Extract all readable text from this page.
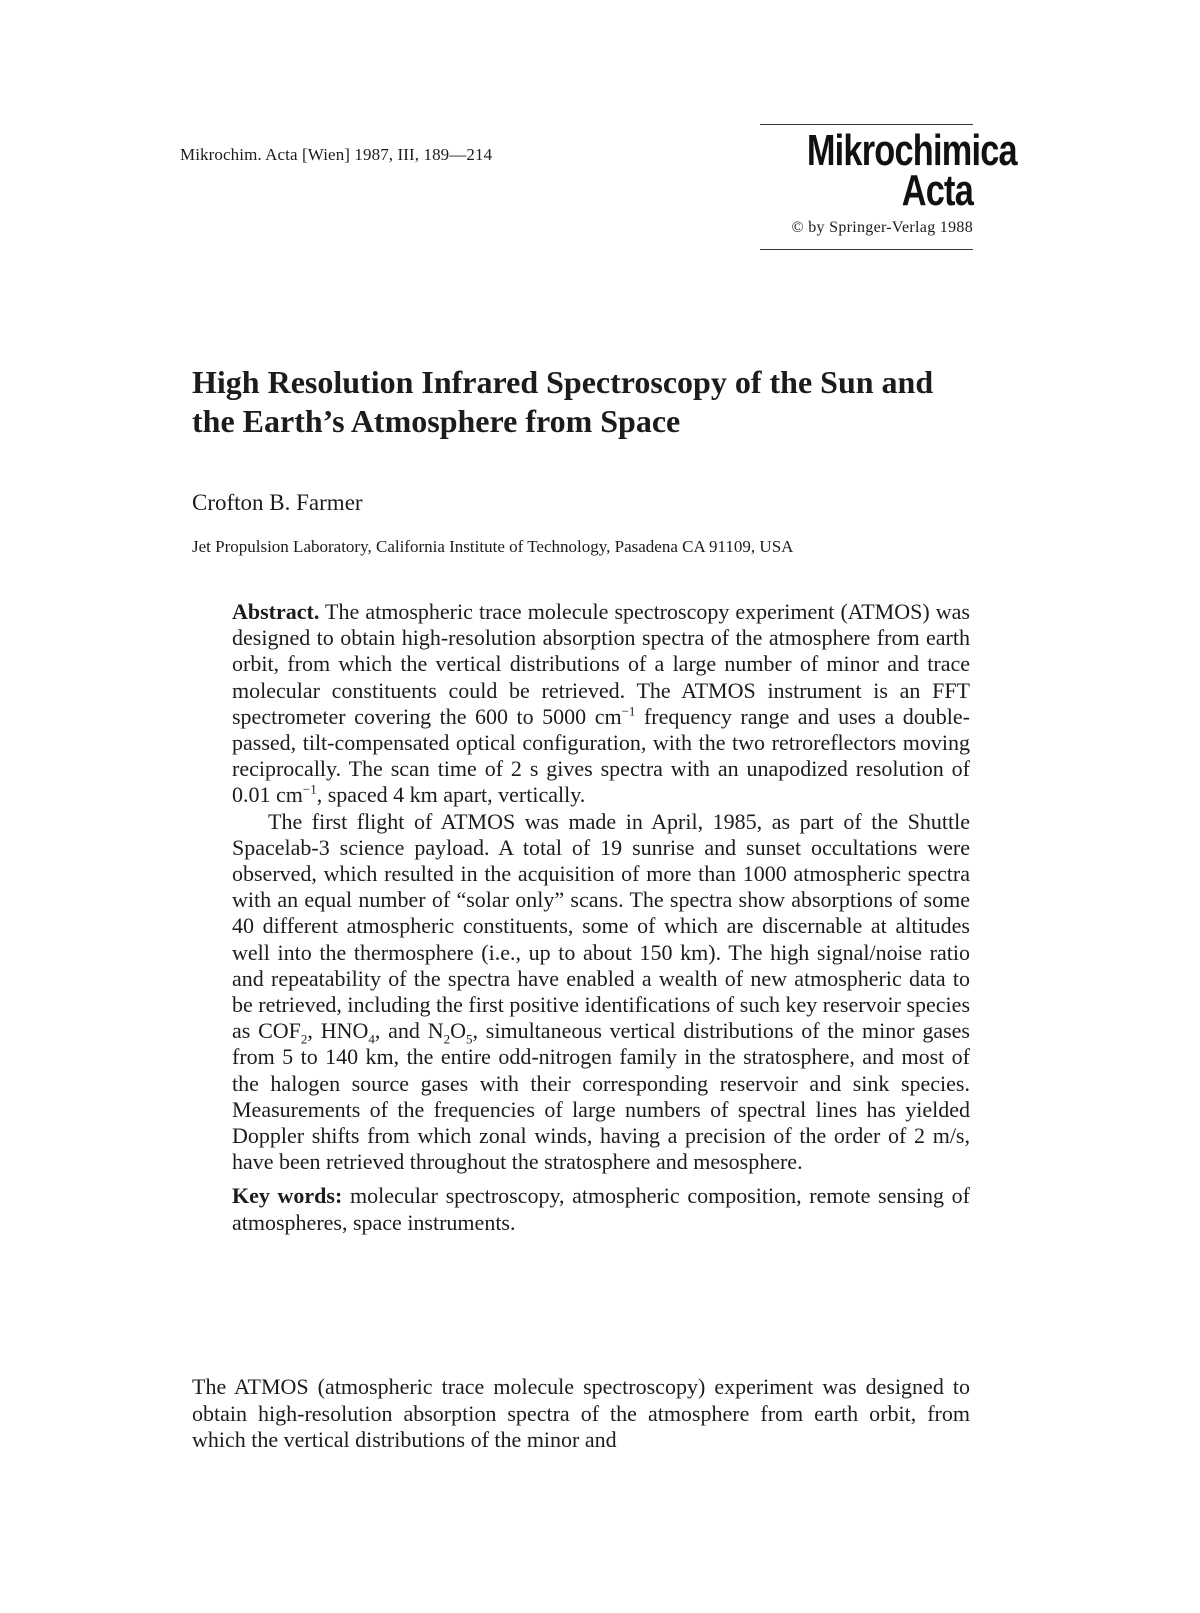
Mikrochim. Acta [Wien] 1987, III, 189—214	Mikrochimica
Acta
© by Springer-Verlag 1988
High Resolution Infrared Spectroscopy of the Sun and the Earth’s Atmosphere from Space
Crofton B. Farmer
Jet Propulsion Laboratory, California Institute of Technology, Pasadena CA 91109, USA

Abstract. The atmospheric trace molecule spectroscopy experiment (ATMOS) was designed to obtain high-resolution absorption spectra of the atmosphere from earth orbit, from which the vertical distributions of a large number of minor and trace molecular constituents could be retrieved. The ATMOS instrument is an FFT spectrometer covering the 600 to 5000 $cm^{-1}$ frequency range and uses a double-passed, tilt-compensated optical configuration, with the two retroreflectors moving reciprocally. The scan time of 2 s gives spectra with an unapodized resolution of 0.01 $cm^{-1}$, spaced 4 km apart, vertically.

The first flight of ATMOS was made in April, 1985, as part of the Shuttle Spacelab-3 science payload. A total of 19 sunrise and sunset occultations were observed, which resulted in the acquisition of more than 1000 atmospheric spectra with an equal number of “solar only” scans. The spectra show absorptions of some 40 different atmospheric constituents, some of which are discernable at altitudes well into the thermosphere (i.e., up to about 150 km). The high signal/noise ratio and repeatability of the spectra have enabled a wealth of new atmospheric data to be retrieved, including the first positive identifications of such key reservoir species as $COF_2$, $HNO_4$, and $N_2O_5$, simultaneous vertical distributions of the minor gases from 5 to 140 km, the entire odd-nitrogen family in the stratosphere, and most of the halogen source gases with their corresponding reservoir and sink species. Measurements of the frequencies of large numbers of spectral lines has yielded Doppler shifts from which zonal winds, having a precision of the order of 2 m/s, have been retrieved throughout the stratosphere and mesosphere.

Key words: molecular spectroscopy, atmospheric composition, remote sensing of atmospheres, space instruments.

The ATMOS (atmospheric trace molecule spectroscopy) experiment was designed to obtain high-resolution absorption spectra of the atmosphere from earth orbit, from which the vertical distributions of the minor and
